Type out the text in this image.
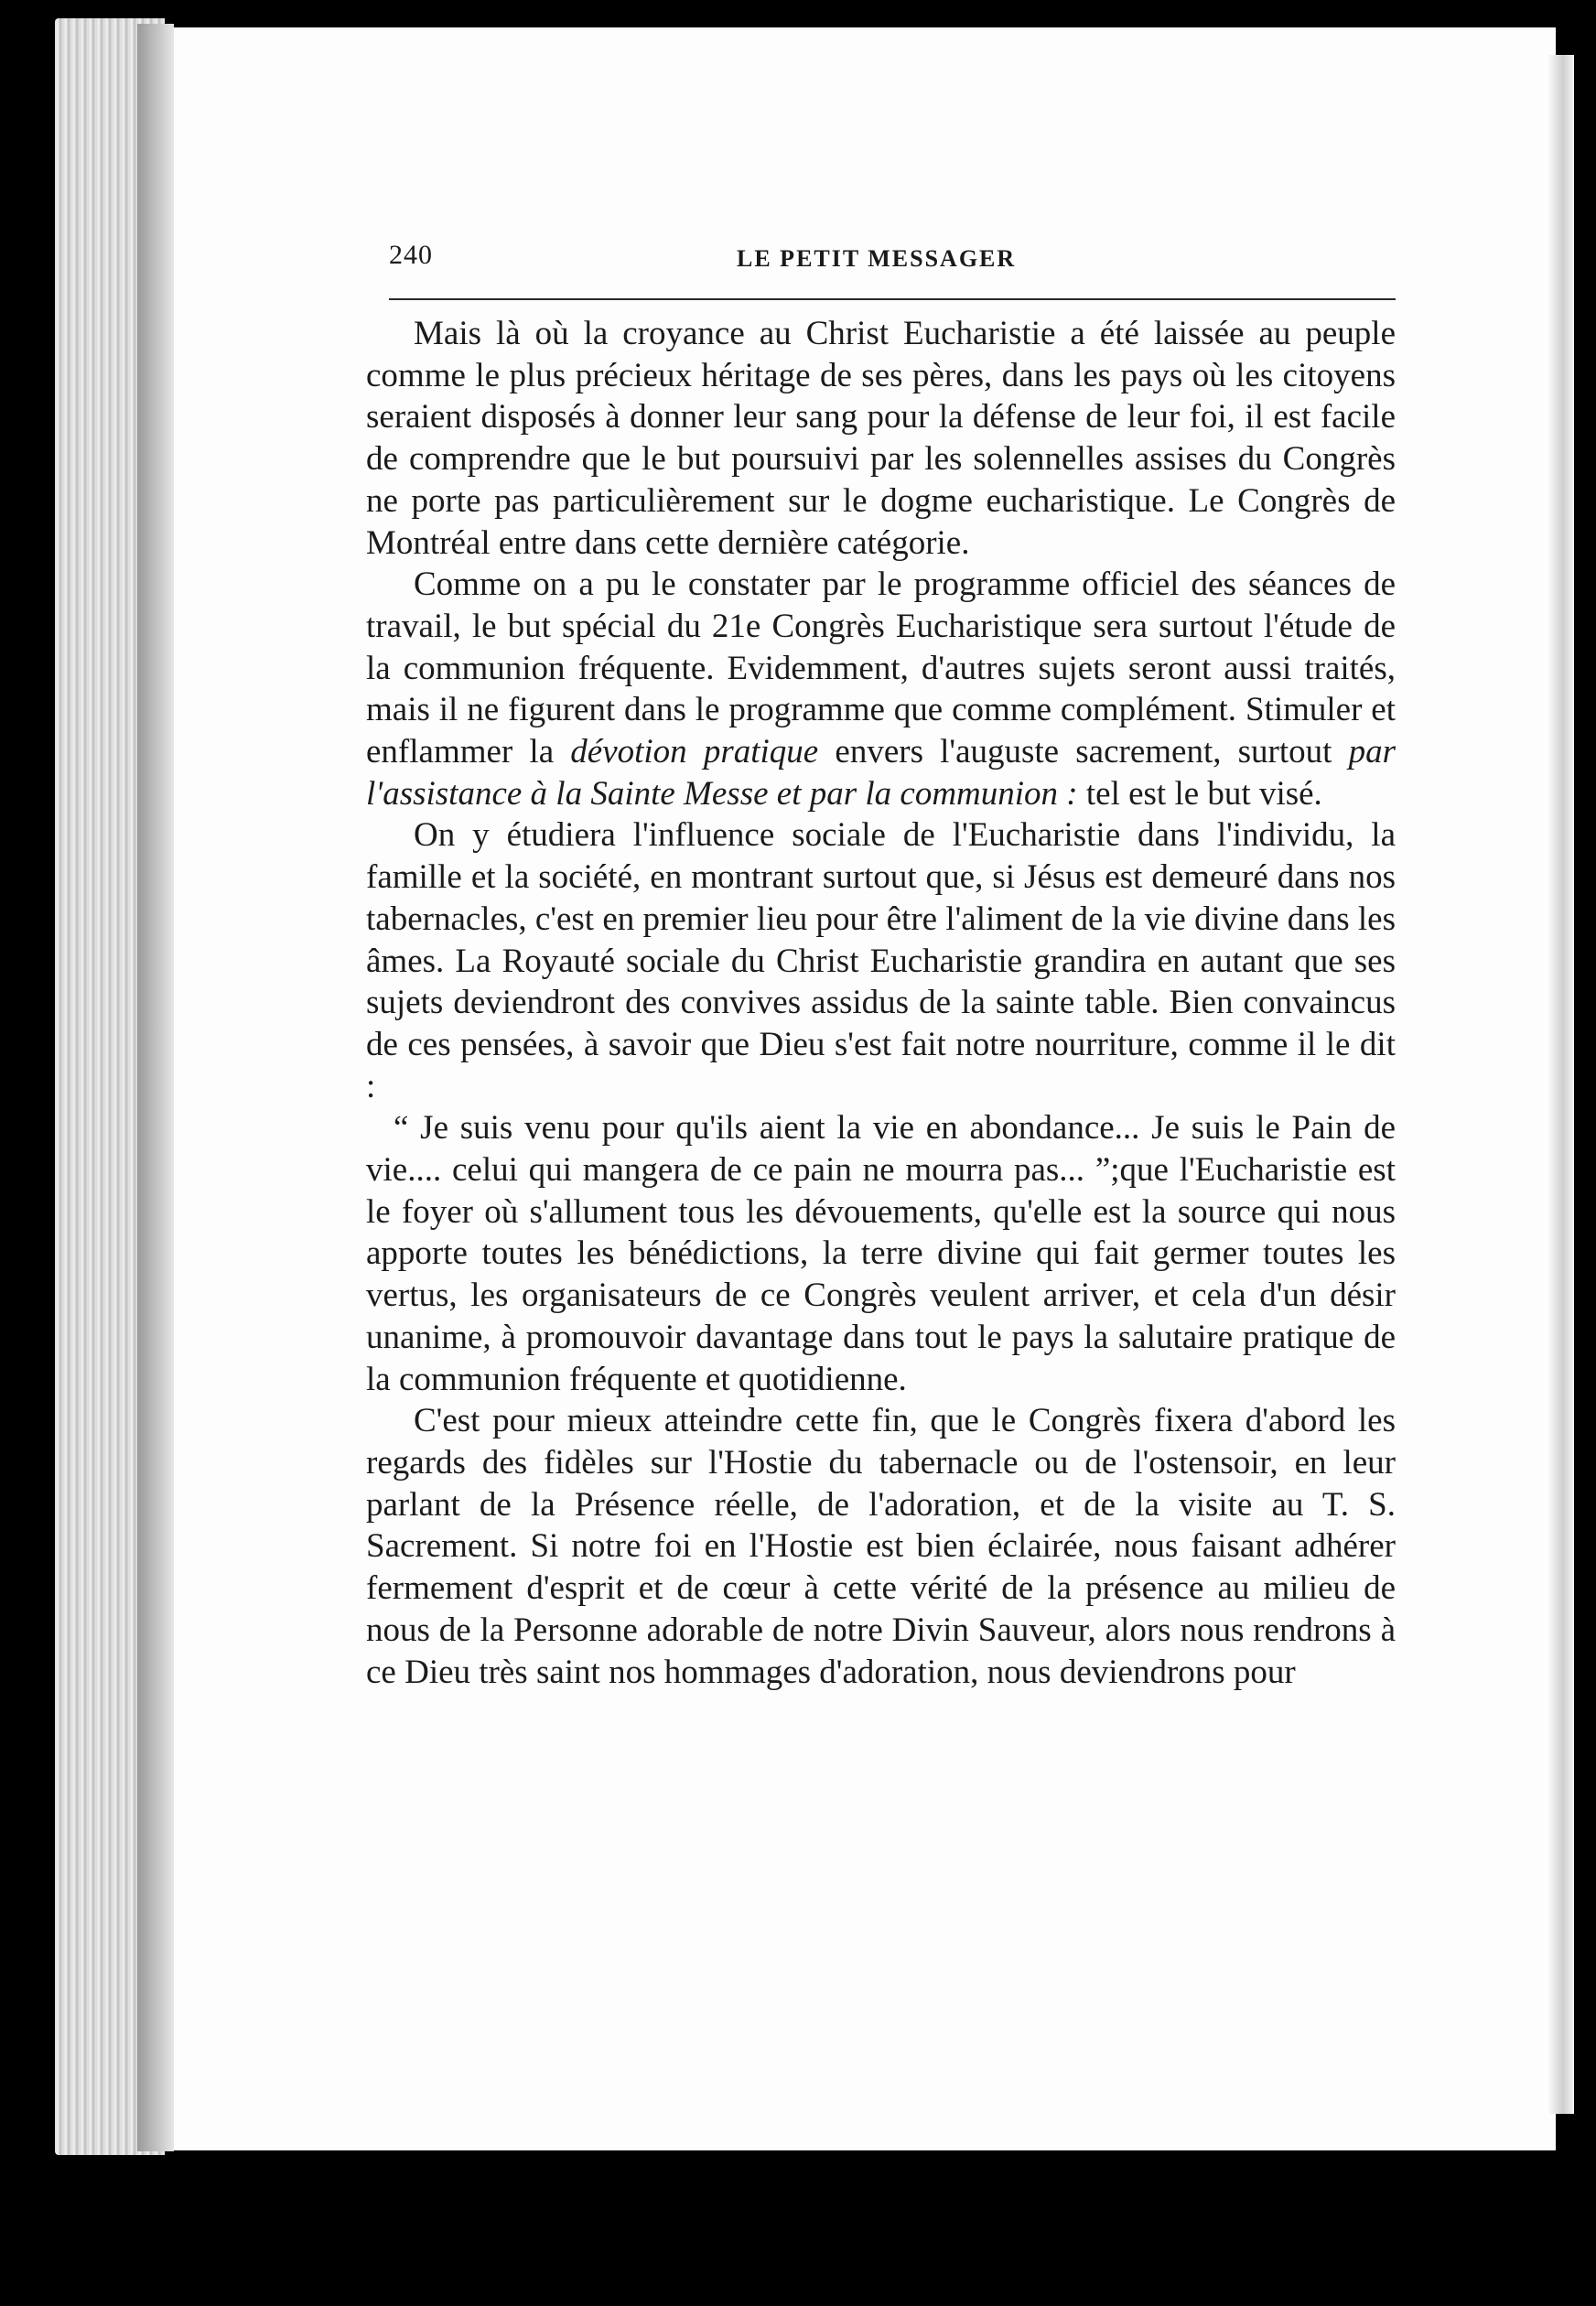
240	LE PETIT MESSAGER

Mais là où la croyance au Christ Eucharistie a été laissée au peuple comme le plus précieux héritage de ses pères, dans les pays où les citoyens seraient disposés à donner leur sang pour la défense de leur foi, il est facile de comprendre que le but poursuivi par les solennelles assises du Congrès ne porte pas particulièrement sur le dogme eucharistique. Le Congrès de Montréal entre dans cette dernière catégorie.

Comme on a pu le constater par le programme officiel des séances de travail, le but spécial du 21e Congrès Eucharistique sera surtout l'étude de la communion fréquente. Evidemment, d'autres sujets seront aussi traités, mais il ne figurent dans le programme que comme complément. Stimuler et enflammer la dévotion pratique envers l'auguste sacrement, surtout par l'assistance à la Sainte Messe et par la communion : tel est le but visé.

On y étudiera l'influence sociale de l'Eucharistie dans l'individu, la famille et la société, en montrant surtout que, si Jésus est demeuré dans nos tabernacles, c'est en premier lieu pour être l'aliment de la vie divine dans les âmes. La Royauté sociale du Christ Eucharistie grandira en autant que ses sujets deviendront des convives assidus de la sainte table. Bien convaincus de ces pensées, à savoir que Dieu s'est fait notre nourriture, comme il le dit :

“ Je suis venu pour qu'ils aient la vie en abondance... Je suis le Pain de vie.... celui qui mangera de ce pain ne mourra pas... ”;que l'Eucharistie est le foyer où s'allument tous les dévouements, qu'elle est la source qui nous apporte toutes les bénédictions, la terre divine qui fait germer toutes les vertus, les organisateurs de ce Congrès veulent arriver, et cela d'un désir unanime, à promouvoir davantage dans tout le pays la salutaire pratique de la communion fréquente et quotidienne.

C'est pour mieux atteindre cette fin, que le Congrès fixera d'abord les regards des fidèles sur l'Hostie du tabernacle ou de l'ostensoir, en leur parlant de la Présence réelle, de l'adoration, et de la visite au T. S. Sacrement. Si notre foi en l'Hostie est bien éclairée, nous faisant adhérer fermement d'esprit et de cœur à cette vérité de la présence au milieu de nous de la Personne adorable de notre Divin Sauveur, alors nous rendrons à ce Dieu très saint nos hommages d'adoration, nous deviendrons pour
